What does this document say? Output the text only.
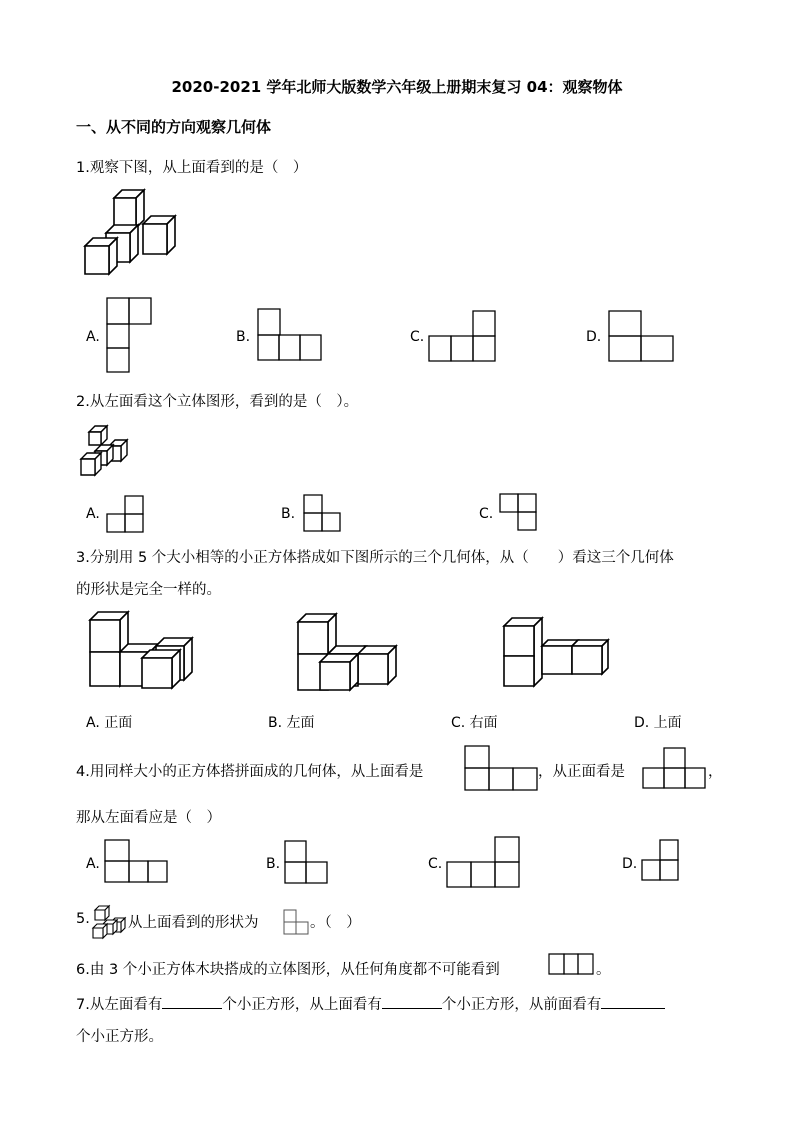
2020-2021 学年北师大版数学六年级上册期末复习 04：观察物体
一、从不同的方向观察几何体
1.观察下图，从上面看到的是（　）
A.	B.	C.	D.
2.从左面看这个立体图形，看到的是（　）。
A.	B.	C.
3.分别用 5 个大小相等的小正方体搭成如下图所示的三个几何体，从（　　）看这三个几何体
的形状是完全一样的。
A. 正面	B. 左面	C. 右面	D. 上面
4.用同样大小的正方体搭拼面成的几何体，从上面看是	，从正面看是	，
那从左面看应是（　）
A.	B.	C.	D.
5.	从上面看到的形状为	。（　）
6.由 3 个小正方体木块搭成的立体图形，从任何角度都不可能看到	。
7.从左面看有	个小正方形，从上面看有	个小正方形，从前面看有
个小正方形。
